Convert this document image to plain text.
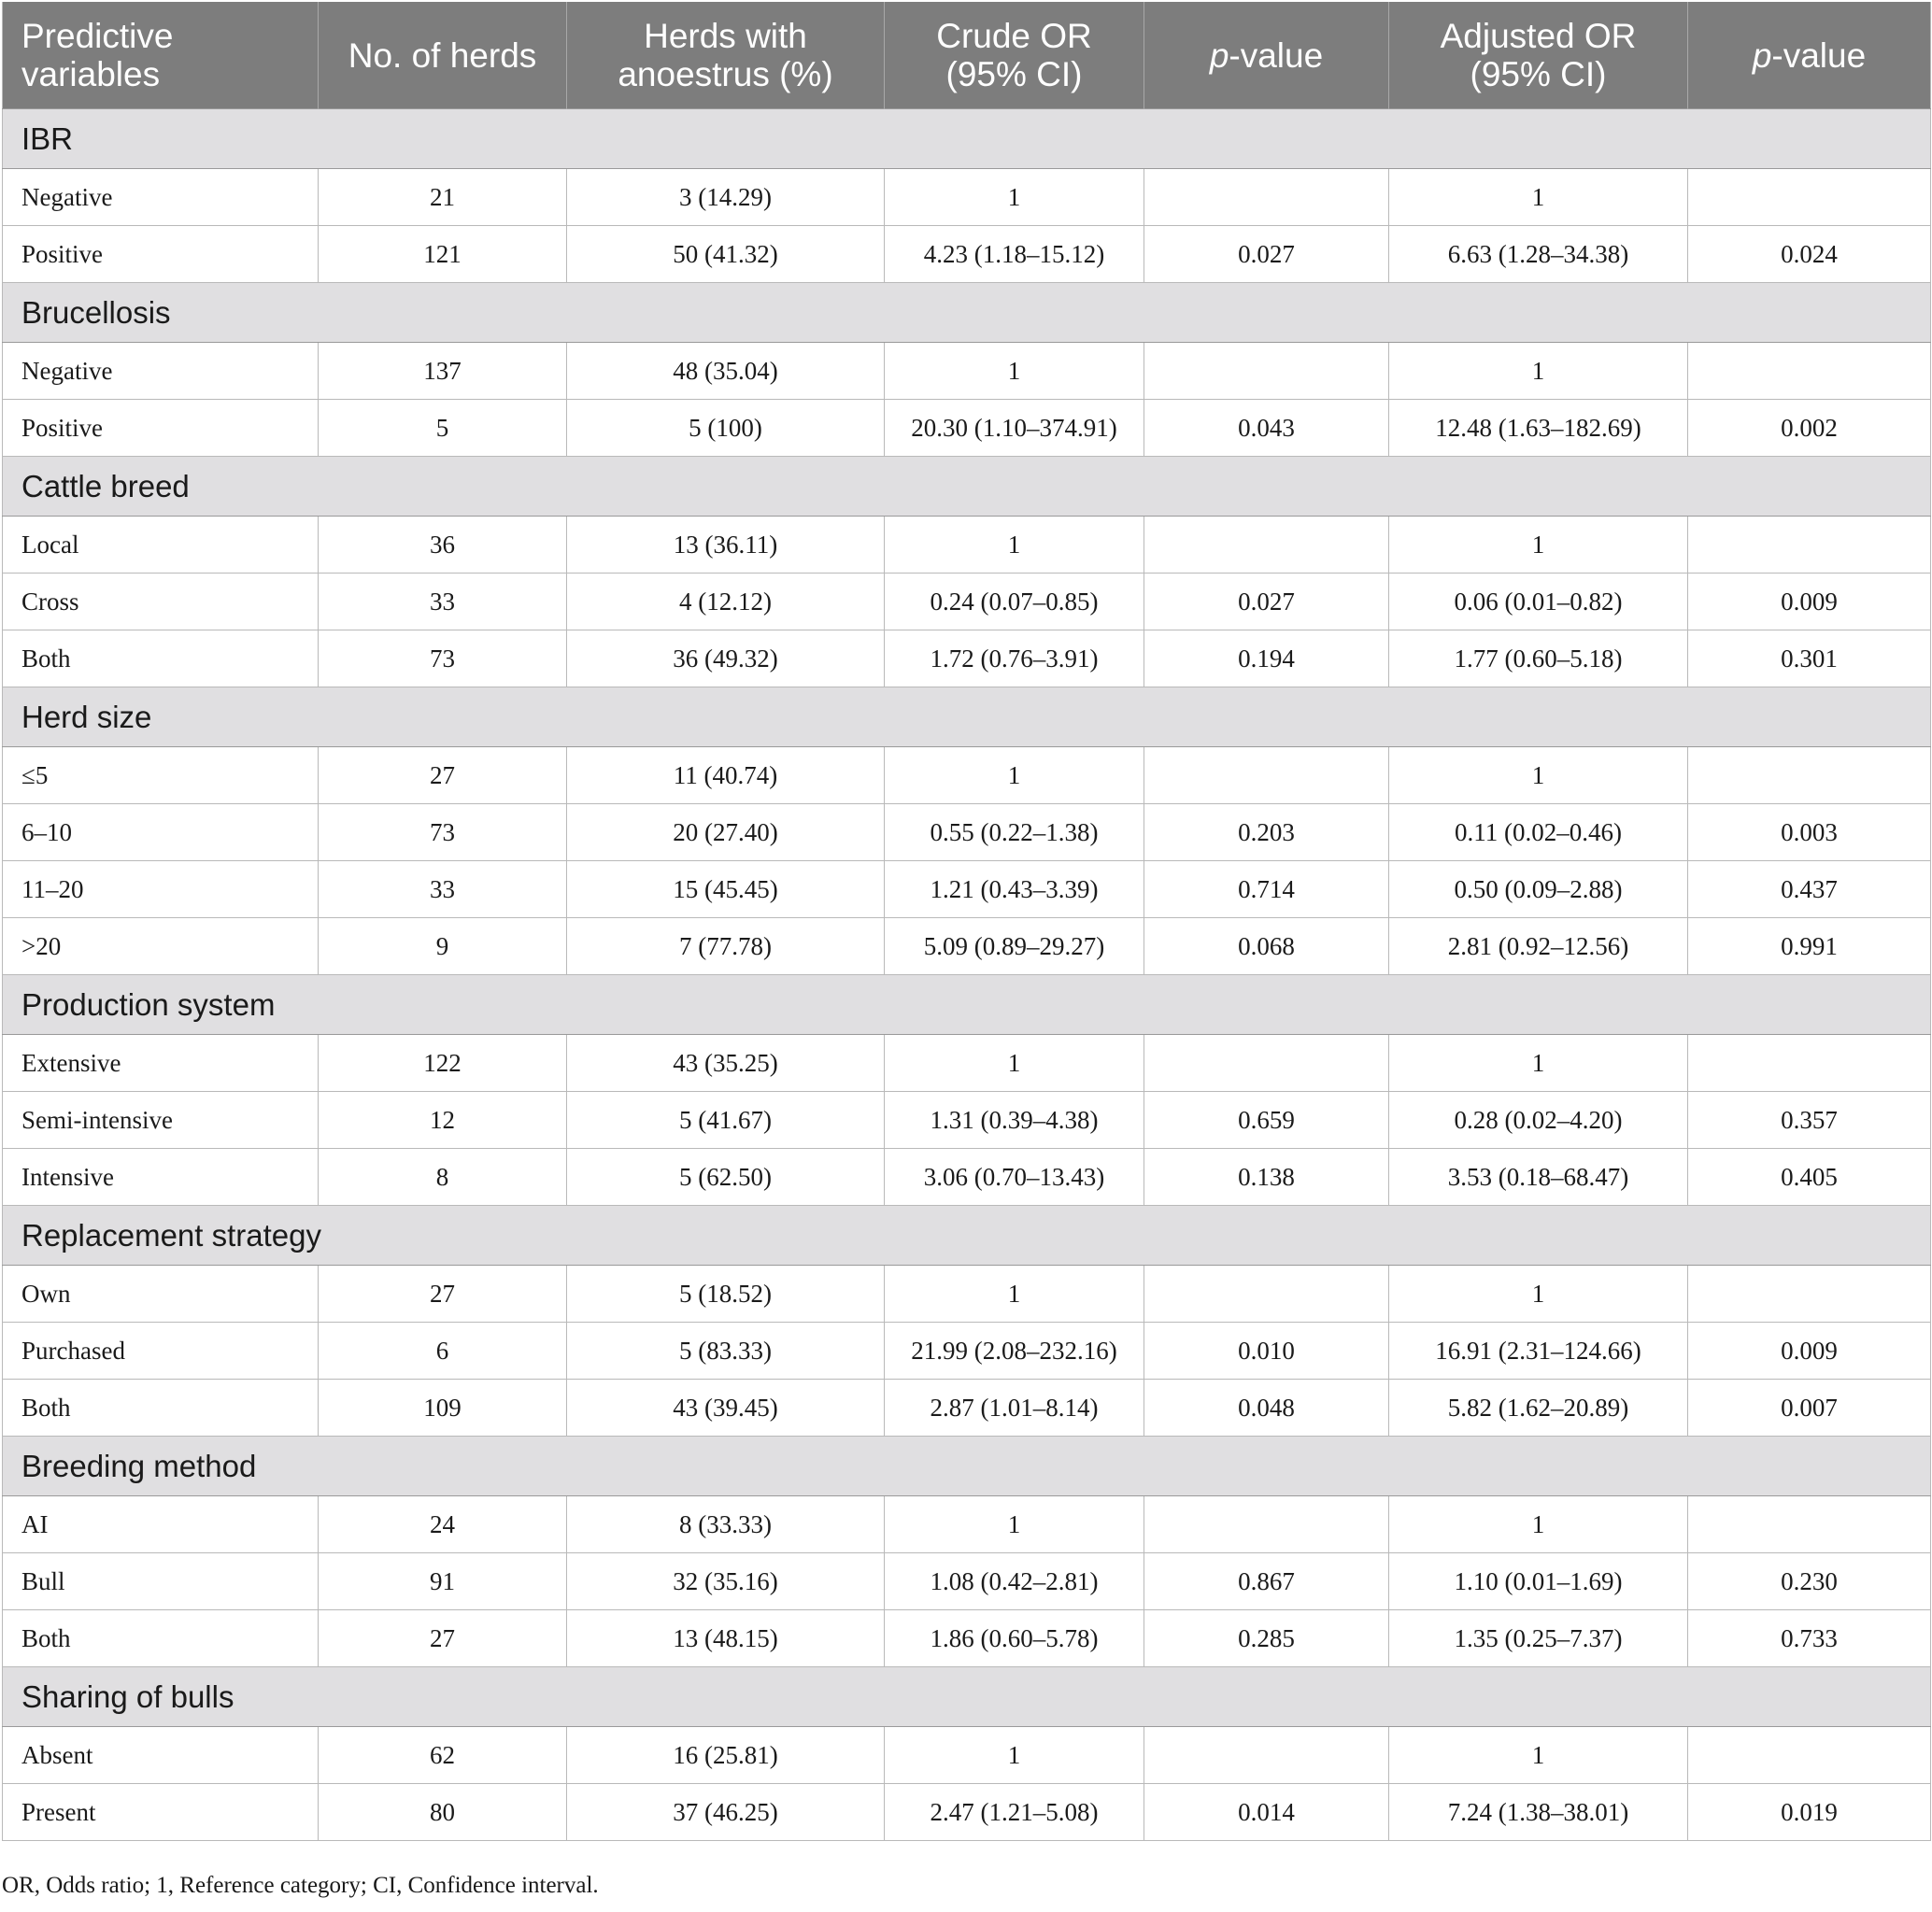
Predictive variables	No. of herds	Herds with anoestrus (%)	Crude OR (95% CI)	p-value	Adjusted OR (95% CI)	p-value
IBR						
Negative	21	3 (14.29)	1		1	
Positive	121	50 (41.32)	4.23 (1.18–15.12)	0.027	6.63 (1.28–34.38)	0.024
Brucellosis						
Negative	137	48 (35.04)	1		1	
Positive	5	5 (100)	20.30 (1.10–374.91)	0.043	12.48 (1.63–182.69)	0.002
Cattle breed						
Local	36	13 (36.11)	1		1	
Cross	33	4 (12.12)	0.24 (0.07–0.85)	0.027	0.06 (0.01–0.82)	0.009
Both	73	36 (49.32)	1.72 (0.76–3.91)	0.194	1.77 (0.60–5.18)	0.301
Herd size						
≤5	27	11 (40.74)	1		1	
6–10	73	20 (27.40)	0.55 (0.22–1.38)	0.203	0.11 (0.02–0.46)	0.003
11–20	33	15 (45.45)	1.21 (0.43–3.39)	0.714	0.50 (0.09–2.88)	0.437
>20	9	7 (77.78)	5.09 (0.89–29.27)	0.068	2.81 (0.92–12.56)	0.991
Production system						
Extensive	122	43 (35.25)	1		1	
Semi-intensive	12	5 (41.67)	1.31 (0.39–4.38)	0.659	0.28 (0.02–4.20)	0.357
Intensive	8	5 (62.50)	3.06 (0.70–13.43)	0.138	3.53 (0.18–68.47)	0.405
Replacement strategy						
Own	27	5 (18.52)	1		1	
Purchased	6	5 (83.33)	21.99 (2.08–232.16)	0.010	16.91 (2.31–124.66)	0.009
Both	109	43 (39.45)	2.87 (1.01–8.14)	0.048	5.82 (1.62–20.89)	0.007
Breeding method						
AI	24	8 (33.33)	1		1	
Bull	91	32 (35.16)	1.08 (0.42–2.81)	0.867	1.10 (0.01–1.69)	0.230
Both	27	13 (48.15)	1.86 (0.60–5.78)	0.285	1.35 (0.25–7.37)	0.733
Sharing of bulls						
Absent	62	16 (25.81)	1		1	
Present	80	37 (46.25)	2.47 (1.21–5.08)	0.014	7.24 (1.38–38.01)	0.019
OR, Odds ratio; 1, Reference category; CI, Confidence interval.
